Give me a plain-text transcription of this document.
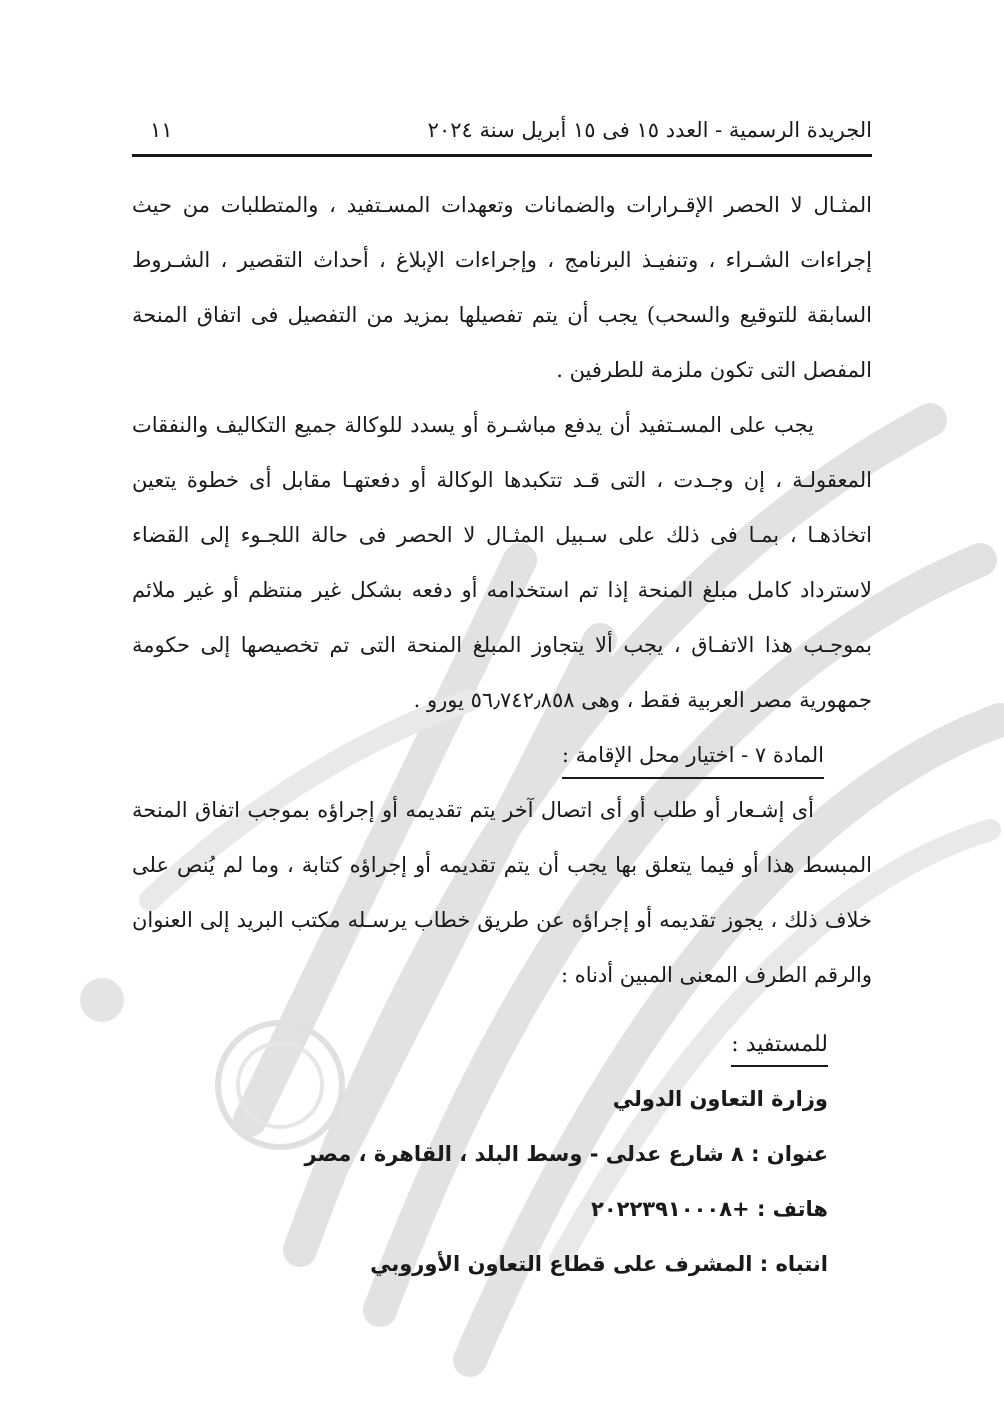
الجريدة الرسمية - العدد ١٥ فى ١٥ أبريل سنة ٢٠٢٤
١١

المثـال لا الحصر الإقـرارات والضمانات وتعهدات المسـتفيد ، والمتطلبات من حيث إجراءات الشـراء ، وتنفيـذ البرنامج ، وإجراءات الإبلاغ ، أحداث التقصير ، الشـروط السابقة للتوقيع والسحب) يجب أن يتم تفصيلها بمزيد من التفصيل فى اتفاق المنحة المفصل التى تكون ملزمة للطرفين .

يجب على المسـتفيد أن يدفع مباشـرة أو يسدد للوكالة جميع التكاليف والنفقات المعقولـة ، إن وجـدت ، التى قـد تتكبدها الوكالة أو دفعتهـا مقابل أى خطوة يتعين اتخاذهـا ، بمـا فى ذلك على سـبيل المثـال لا الحصر فى حالة اللجـوء إلى القضاء لاسترداد كامل مبلغ المنحة إذا تم استخدامه أو دفعه بشكل غير منتظم أو غير ملائم بموجـب هذا الاتفـاق ، يجب ألا يتجاوز المبلغ المنحة التى تم تخصيصها إلى حكومة جمهورية مصر العربية فقط ، وهى ٥٦٫٧٤٢٫٨٥٨ يورو .

المادة ٧ - اختيار محل الإقامة :

أى إشـعار أو طلب أو أى اتصال آخر يتم تقديمه أو إجراؤه بموجب اتفاق المنحة المبسط هذا أو فيما يتعلق بها يجب أن يتم تقديمه أو إجراؤه كتابة ، وما لم يُنص على خلاف ذلك ، يجوز تقديمه أو إجراؤه عن طريق خطاب يرسـله مكتب البريد إلى العنوان والرقم الطرف المعنى المبين أدناه :

للمستفيد :
وزارة التعاون الدولي
عنوان : ٨ شارع عدلى - وسط البلد ، القاهرة ، مصر
هاتف : +٢٠٢٢٣٩١٠٠٠٨
انتباه : المشرف على قطاع التعاون الأوروبي
